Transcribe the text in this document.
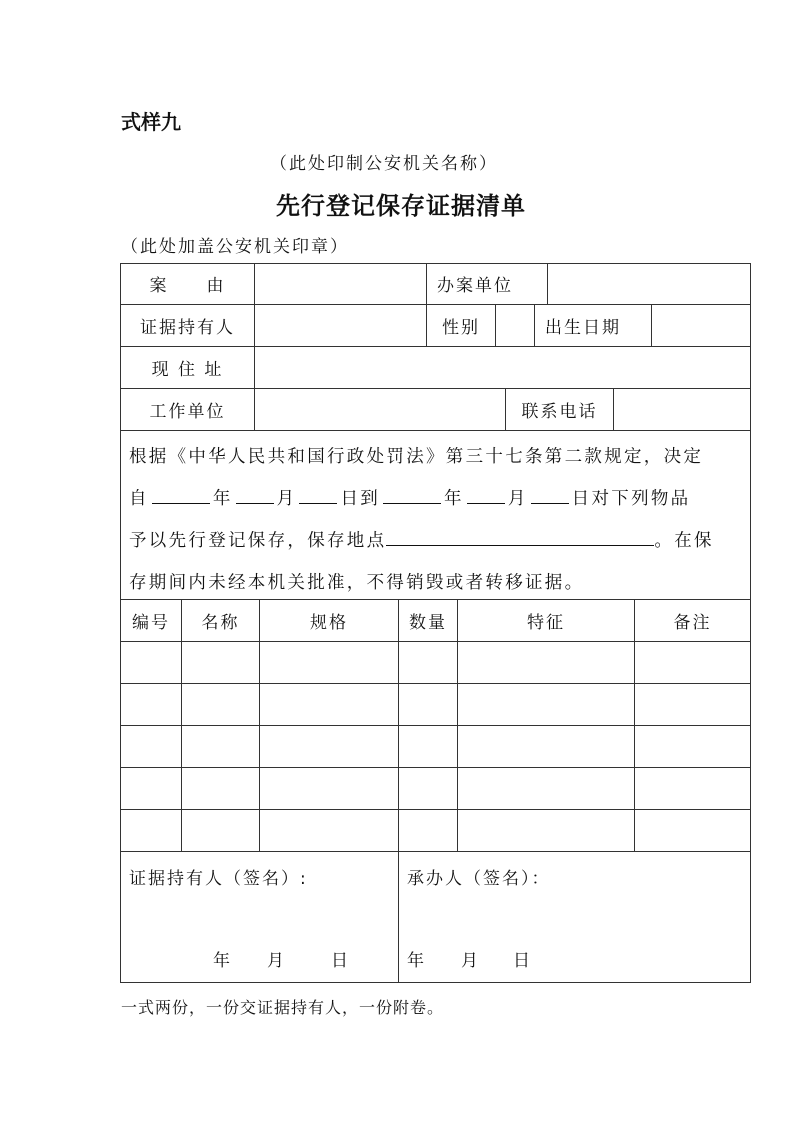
式样九
（此处印制公安机关名称）
先行登记保存证据清单
（此处加盖公安机关印章）
案　　由	办案单位
证据持有人	性别	出生日期
现 住 址
工作单位	联系电话
根据《中华人民共和国行政处罚法》第三十七条第二款规定，决定
自	年	月	日到	年	月	日对下列物品
予以先行登记保存，保存地点	。在保
存期间内未经本机关批准，不得销毁或者转移证据。
编号	名称	规格	数量	特征	备注
证据持有人（签名）:
年 月	日
承办人（签名）：
年 月 日
一式两份，一份交证据持有人，一份附卷。
